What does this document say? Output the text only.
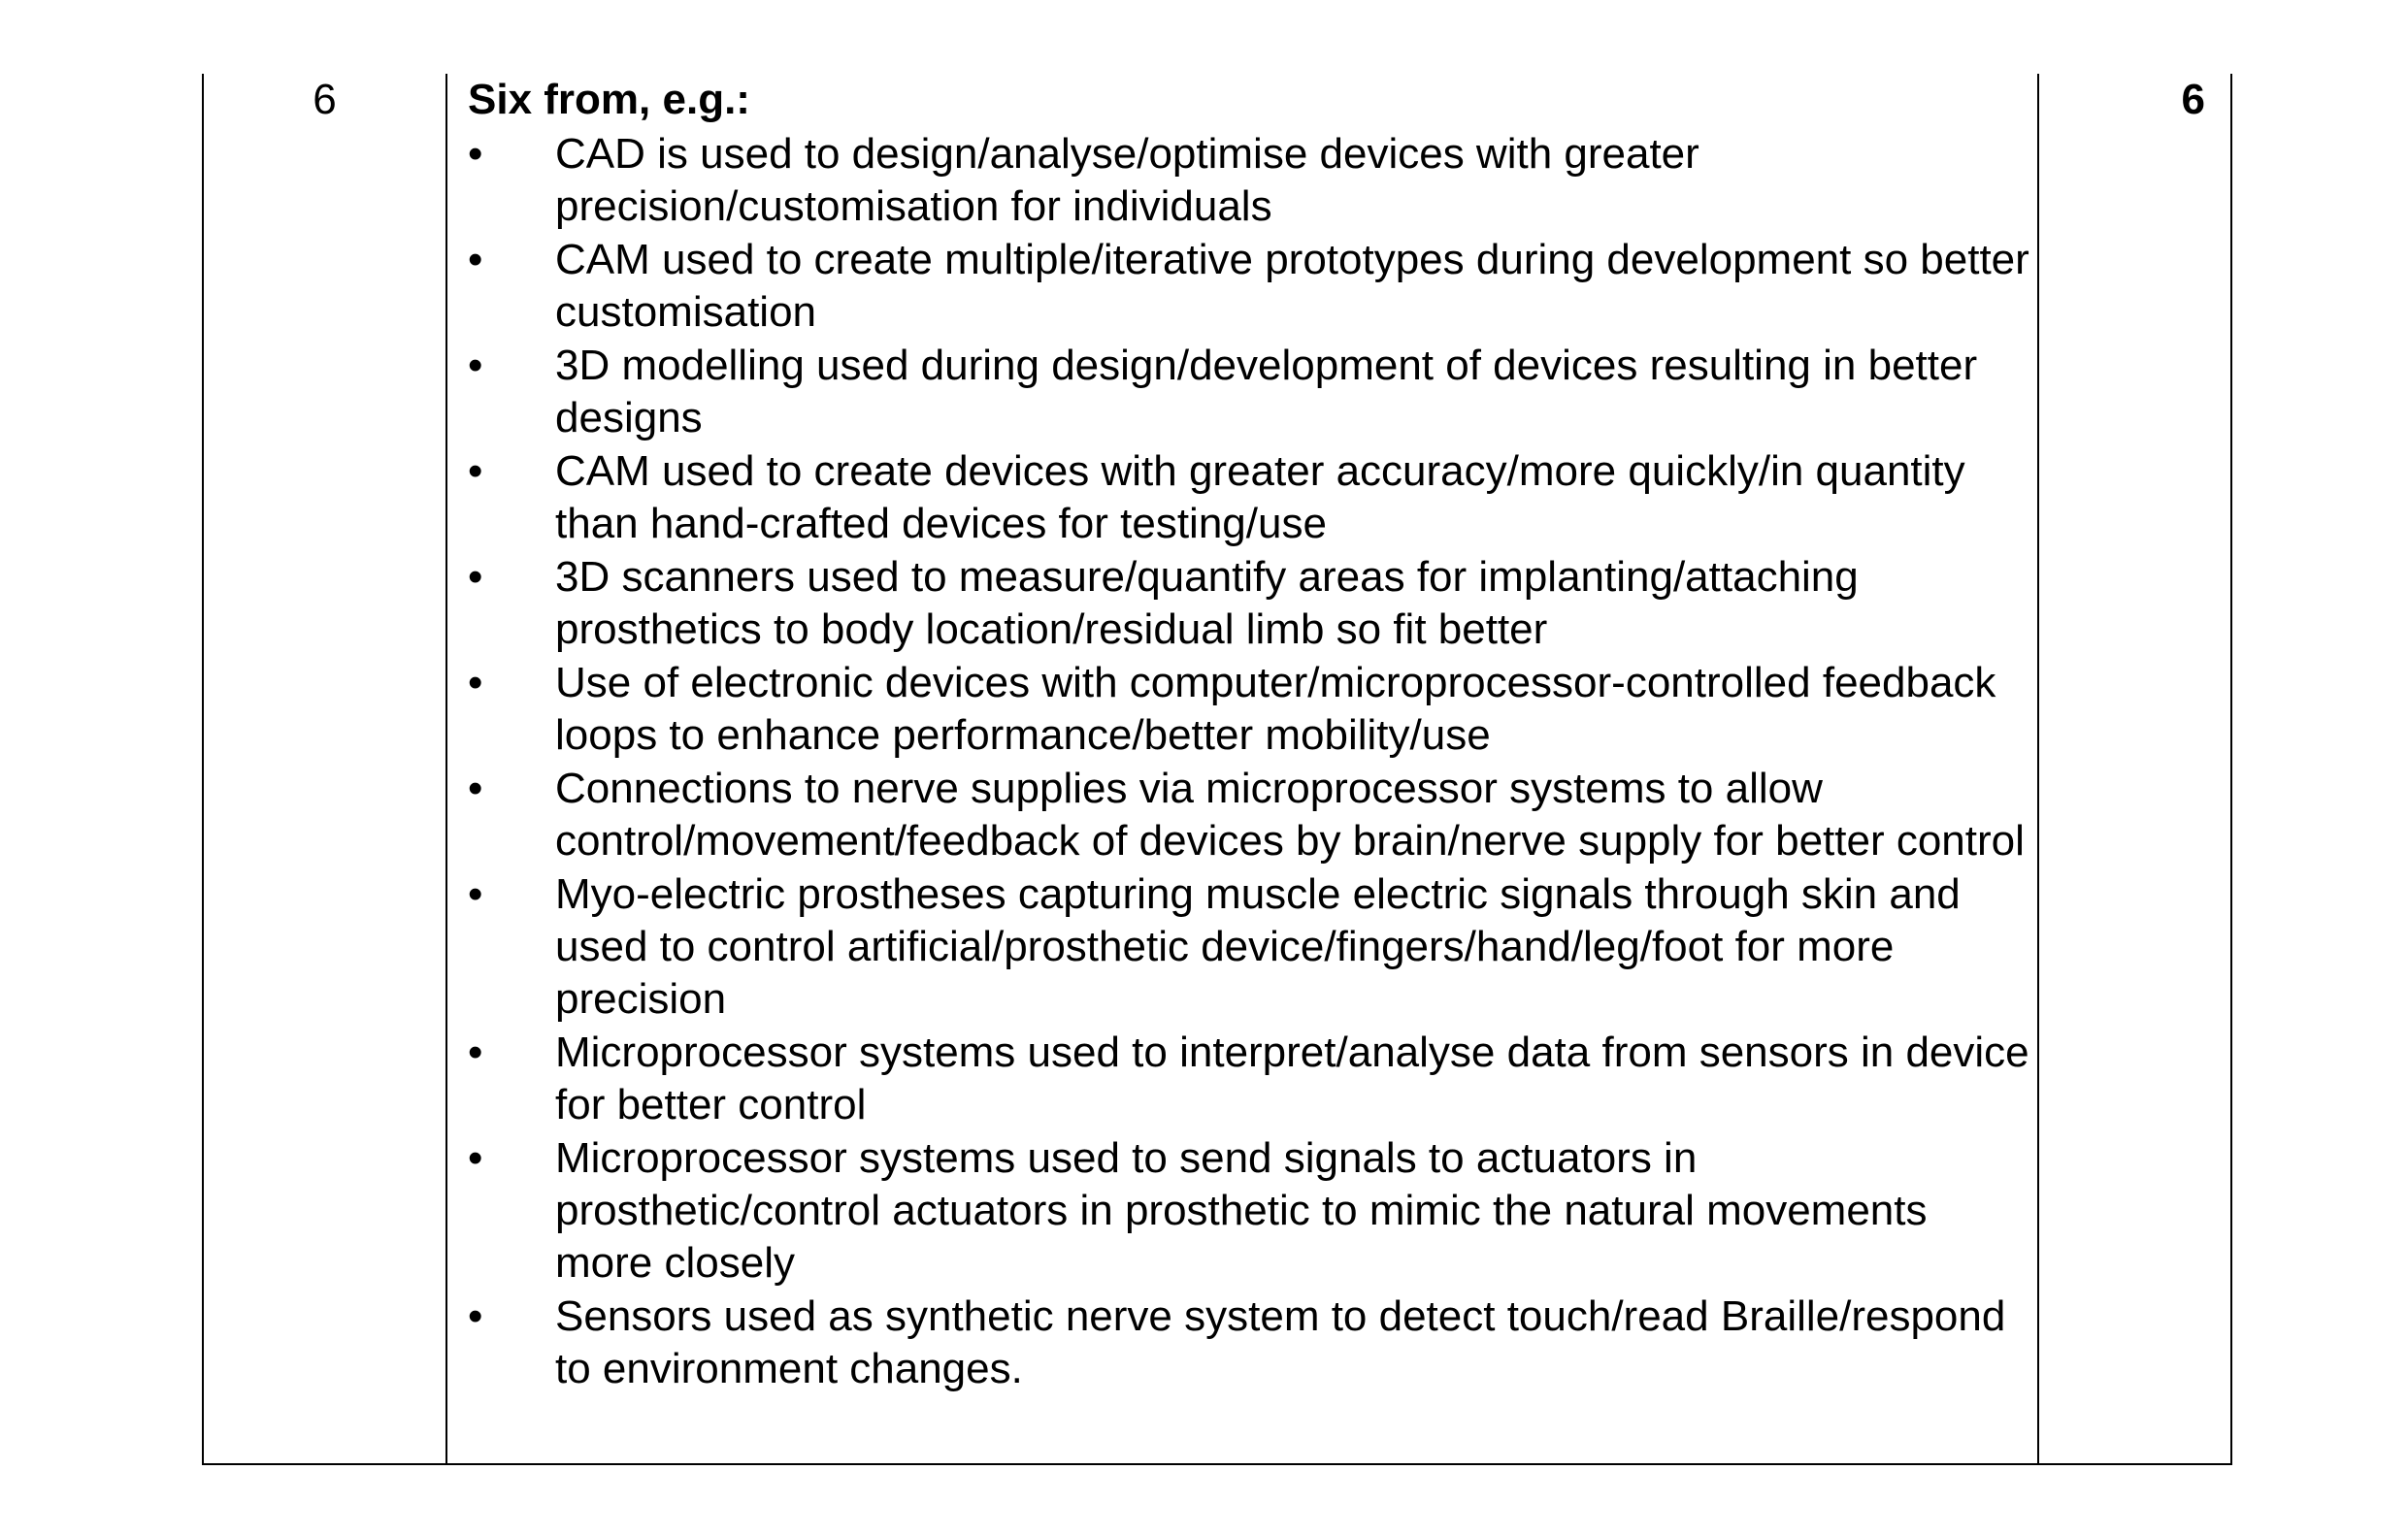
6	Six from, e.g.:
• CAD is used to design/analyse/optimise devices with greater precision/customisation for individuals
• CAM used to create multiple/iterative prototypes during development so better customisation
• 3D modelling used during design/development of devices resulting in better designs
• CAM used to create devices with greater accuracy/more quickly/in quantity than hand-crafted devices for testing/use
• 3D scanners used to measure/quantify areas for implanting/attaching prosthetics to body location/residual limb so fit better
• Use of electronic devices with computer/microprocessor-controlled feedback loops to enhance performance/better mobility/use
• Connections to nerve supplies via microprocessor systems to allow control/movement/feedback of devices by brain/nerve supply for better control
• Myo-electric prostheses capturing muscle electric signals through skin and used to control artificial/prosthetic device/fingers/hand/leg/foot for more precision
• Microprocessor systems used to interpret/analyse data from sensors in device for better control
• Microprocessor systems used to send signals to actuators in prosthetic/control actuators in prosthetic to mimic the natural movements more closely
• Sensors used as synthetic nerve system to detect touch/read Braille/respond to environment changes.
6
